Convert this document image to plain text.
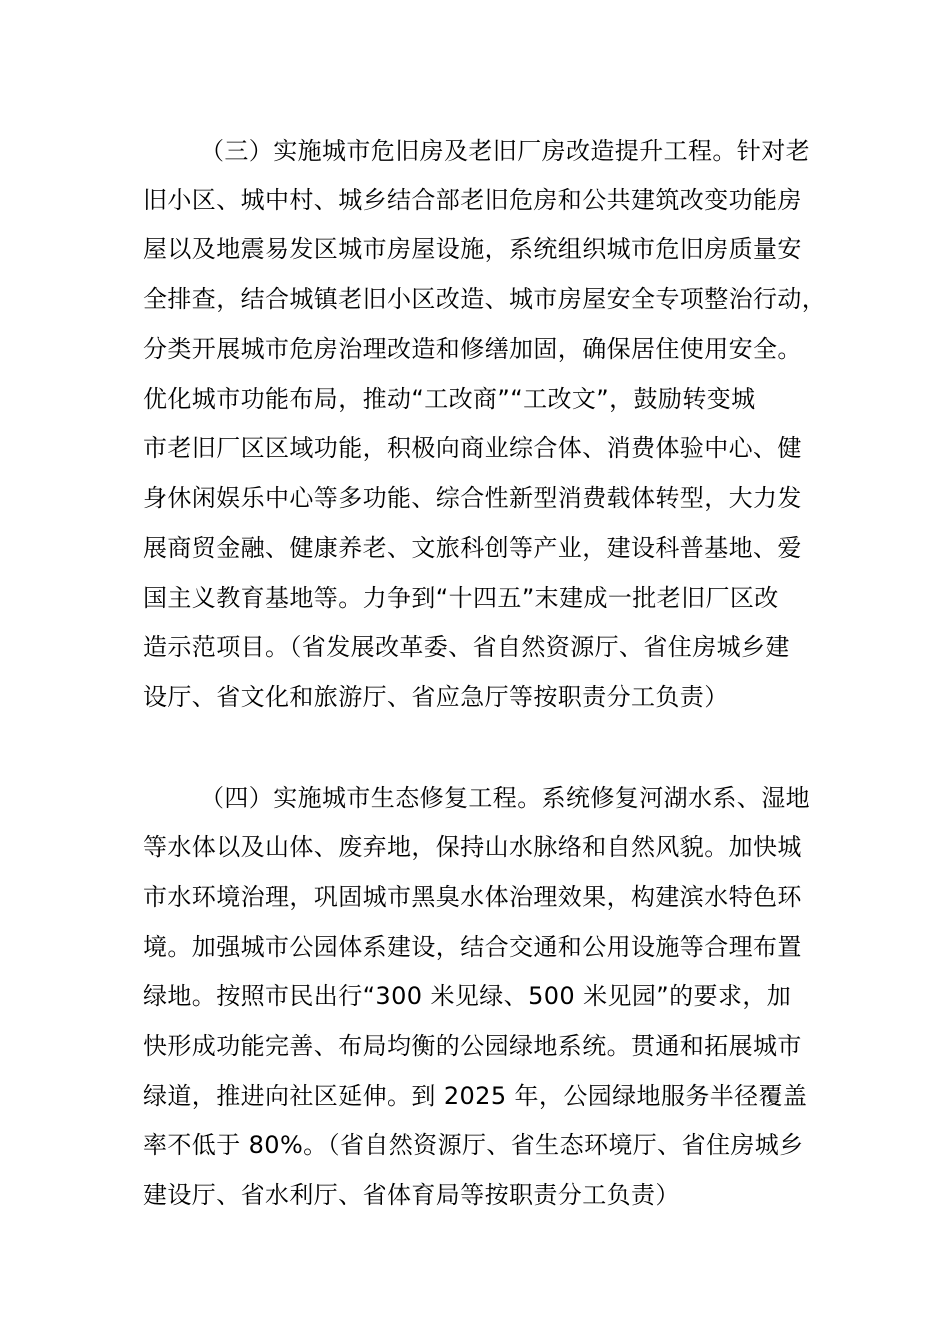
（三）实施城市危旧房及老旧厂房改造提升工程。针对老
旧小区、城中村、城乡结合部老旧危房和公共建筑改变功能房
屋以及地震易发区城市房屋设施，系统组织城市危旧房质量安
全排查，结合城镇老旧小区改造、城市房屋安全专项整治行动，
分类开展城市危房治理改造和修缮加固，确保居住使用安全。
优化城市功能布局，推动“工改商”“工改文”，鼓励转变城
市老旧厂区区域功能，积极向商业综合体、消费体验中心、健
身休闲娱乐中心等多功能、综合性新型消费载体转型，大力发
展商贸金融、健康养老、文旅科创等产业，建设科普基地、爱
国主义教育基地等。力争到“十四五”末建成一批老旧厂区改
造示范项目。（省发展改革委、省自然资源厅、省住房城乡建
设厅、省文化和旅游厅、省应急厅等按职责分工负责）
（四）实施城市生态修复工程。系统修复河湖水系、湿地
等水体以及山体、废弃地，保持山水脉络和自然风貌。加快城
市水环境治理，巩固城市黑臭水体治理效果，构建滨水特色环
境。加强城市公园体系建设，结合交通和公用设施等合理布置
绿地。按照市民出行“300 米见绿、500 米见园”的要求，加
快形成功能完善、布局均衡的公园绿地系统。贯通和拓展城市
绿道，推进向社区延伸。到 2025 年，公园绿地服务半径覆盖
率不低于 80%。（省自然资源厅、省生态环境厅、省住房城乡
建设厅、省水利厅、省体育局等按职责分工负责）
